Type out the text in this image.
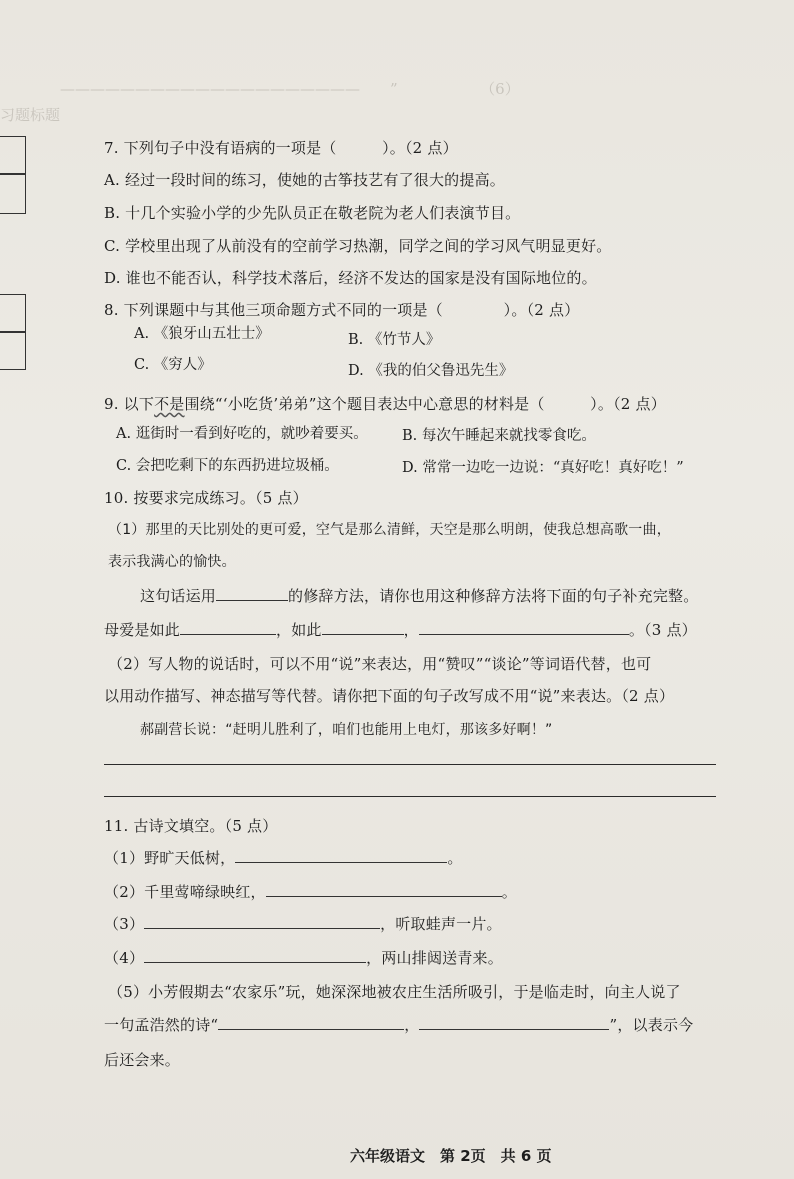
————————————————————　　”　　　　　　（6）
习题标题
7. 下列句子中没有语病的一项是（　　　）。（2 点）
A. 经过一段时间的练习，使她的古筝技艺有了很大的提高。
B. 十几个实验小学的少先队员正在敬老院为老人们表演节目。
C. 学校里出现了从前没有的空前学习热潮，同学之间的学习风气明显更好。
D. 谁也不能否认，科学技术落后，经济不发达的国家是没有国际地位的。
8. 下列课题中与其他三项命题方式不同的一项是（　　　　）。（2 点）
A. 《狼牙山五壮士》	B. 《竹节人》
C. 《穷人》	D. 《我的伯父鲁迅先生》
9. 以下不是围绕“‘小吃货’弟弟”这个题目表达中心意思的材料是（　　　）。（2 点）
A. 逛街时一看到好吃的，就吵着要买。 B. 每次午睡起来就找零食吃。
C. 会把吃剩下的东西扔进垃圾桶。	D. 常常一边吃一边说：“真好吃！真好吃！”
10. 按要求完成练习。（5 点）
（1）那里的天比别处的更可爱，空气是那么清鲜，天空是那么明朗，使我总想高歌一曲，
表示我满心的愉快。
这句话运用	的修辞方法，请你也用这种修辞方法将下面的句子补充完整。
母爱是如此	，如此	，	。（3 点）
（2）写人物的说话时，可以不用“说”来表达，用“赞叹”“谈论”等词语代替，也可
以用动作描写、神态描写等代替。请你把下面的句子改写成不用“说”来表达。（2 点）
郝副营长说：“赶明儿胜利了，咱们也能用上电灯，那该多好啊！”
11. 古诗文填空。（5 点）
（1）野旷天低树，	。
（2）千里莺啼绿映红，	。
（3）	，听取蛙声一片。
（4）	，两山排闼送青来。
（5）小芳假期去“农家乐”玩，她深深地被农庄生活所吸引，于是临走时，向主人说了
一句孟浩然的诗“	，	”，以表示今
后还会来。
六年级语文　第 2页　共 6 页
